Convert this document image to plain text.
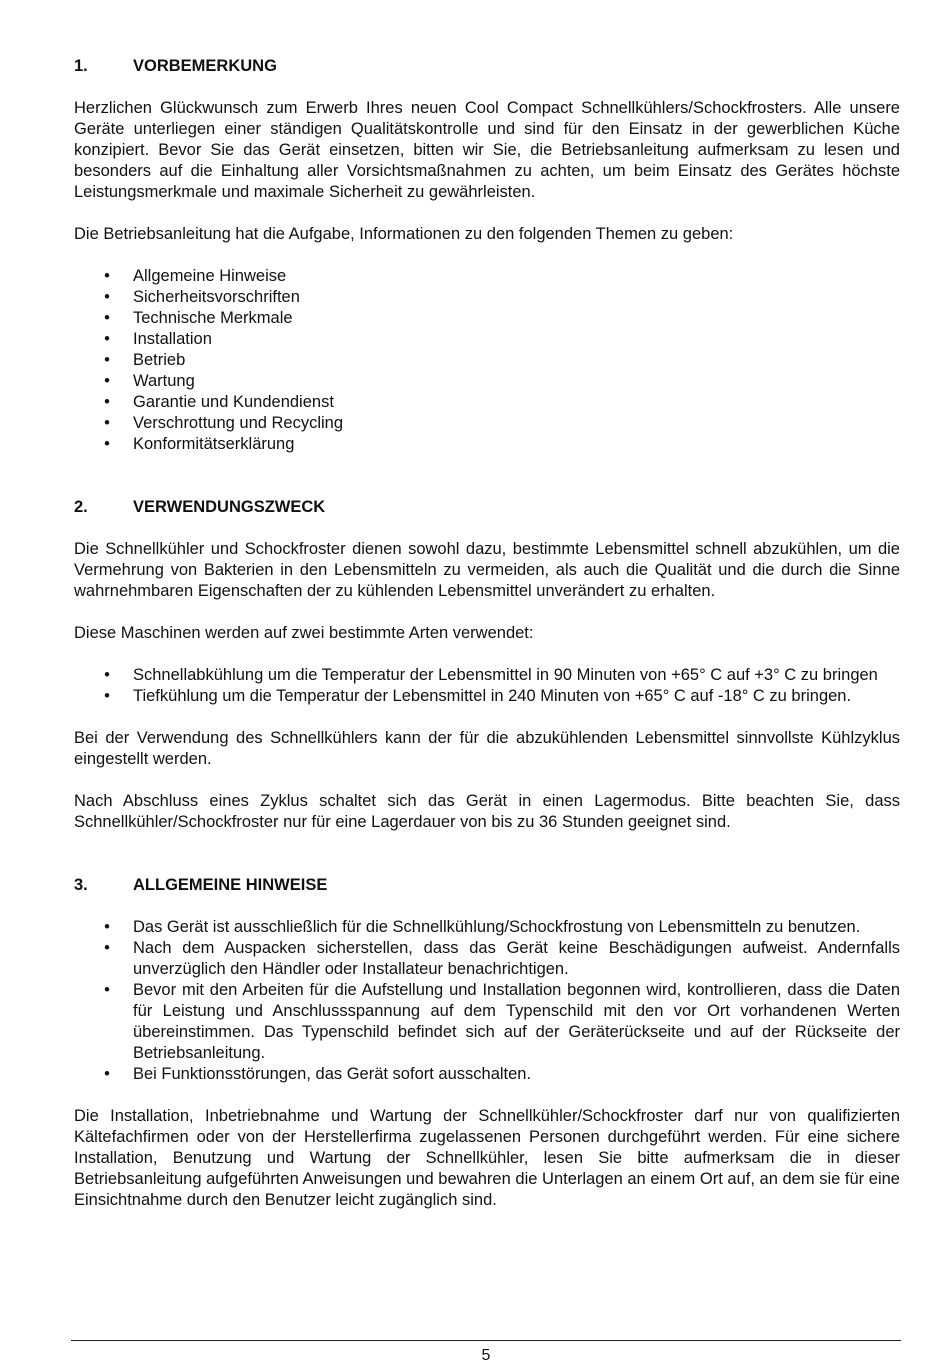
1.	VORBEMERKUNG

Herzlichen Glückwunsch zum Erwerb Ihres neuen Cool Compact Schnellkühlers/Schockfrosters. Alle unsere Geräte unterliegen einer ständigen Qualitätskontrolle und sind für den Einsatz in der gewerblichen Küche konzipiert. Bevor Sie das Gerät einsetzen, bitten wir Sie, die Betriebsanleitung aufmerksam zu lesen und besonders auf die Einhaltung aller Vorsichtsmaßnahmen zu achten, um beim Einsatz des Gerätes höchste Leistungsmerkmale und maximale Sicherheit zu gewährleisten.

Die Betriebsanleitung hat die Aufgabe, Informationen zu den folgenden Themen zu geben:

• Allgemeine Hinweise
• Sicherheitsvorschriften
• Technische Merkmale
• Installation
• Betrieb
• Wartung
• Garantie und Kundendienst
• Verschrottung und Recycling
• Konformitätserklärung
2.	VERWENDUNGSZWECK

Die Schnellkühler und Schockfroster dienen sowohl dazu, bestimmte Lebensmittel schnell abzukühlen, um die Vermehrung von Bakterien in den Lebensmitteln zu vermeiden, als auch die Qualität und die durch die Sinne wahrnehmbaren Eigenschaften der zu kühlenden Lebensmittel unverändert zu erhalten.

Diese Maschinen werden auf zwei bestimmte Arten verwendet:

• Schnellabkühlung um die Temperatur der Lebensmittel in 90 Minuten von +65° C auf +3° C zu bringen
• Tiefkühlung um die Temperatur der Lebensmittel in 240 Minuten von +65° C auf -18° C zu bringen.

Bei der Verwendung des Schnellkühlers kann der für die abzukühlenden Lebensmittel sinnvollste Kühlzyklus eingestellt werden.

Nach Abschluss eines Zyklus schaltet sich das Gerät in einen Lagermodus. Bitte beachten Sie, dass Schnellkühler/Schockfroster nur für eine Lagerdauer von bis zu 36 Stunden geeignet sind.

3.	ALLGEMEINE HINWEISE
• Das Gerät ist ausschließlich für die Schnellkühlung/Schockfrostung von Lebensmitteln zu benutzen.
• Nach dem Auspacken sicherstellen, dass das Gerät keine Beschädigungen aufweist. Andernfalls unverzüglich den Händler oder Installateur benachrichtigen.
• Bevor mit den Arbeiten für die Aufstellung und Installation begonnen wird, kontrollieren, dass die Daten für Leistung und Anschlussspannung auf dem Typenschild mit den vor Ort vorhandenen Werten übereinstimmen. Das Typenschild befindet sich auf der Geräterückseite und auf der Rückseite der Betriebsanleitung.
• Bei Funktionsstörungen, das Gerät sofort ausschalten.

Die Installation, Inbetriebnahme und Wartung der Schnellkühler/Schockfroster darf nur von qualifizierten Kältefachfirmen oder von der Herstellerfirma zugelassenen Personen durchgeführt werden. Für eine sichere Installation, Benutzung und Wartung der Schnellkühler, lesen Sie bitte aufmerksam die in dieser Betriebsanleitung aufgeführten Anweisungen und bewahren die Unterlagen an einem Ort auf, an dem sie für eine Einsichtnahme durch den Benutzer leicht zugänglich sind.

5
